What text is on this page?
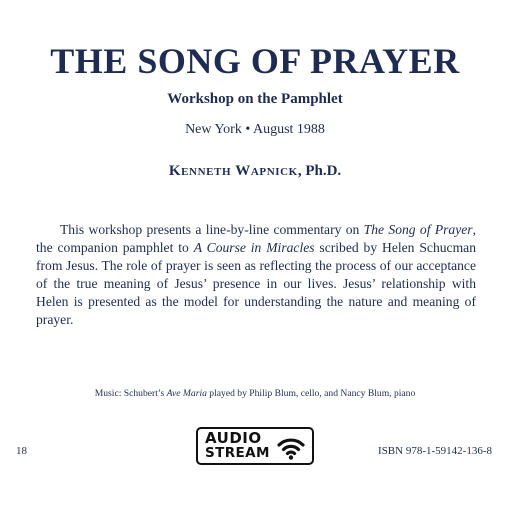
THE SONG OF PRAYER
Workshop on the Pamphlet
New York • August 1988
Kenneth Wapnick, Ph.D.

This workshop presents a line-by-line commentary on The Song of Prayer, the companion pamphlet to A Course in Miracles scribed by Helen Schucman from Jesus. The role of prayer is seen as reflecting the process of our acceptance of the true meaning of Jesus’ presence in our lives. Jesus’ relationship with Helen is presented as the model for understanding the nature and meaning of prayer.

Music: Schubert’s Ave Maria played by Philip Blum, cello, and Nancy Blum, piano
18
AUDIO
STREAM	ISBN 978-1-59142-136-8
